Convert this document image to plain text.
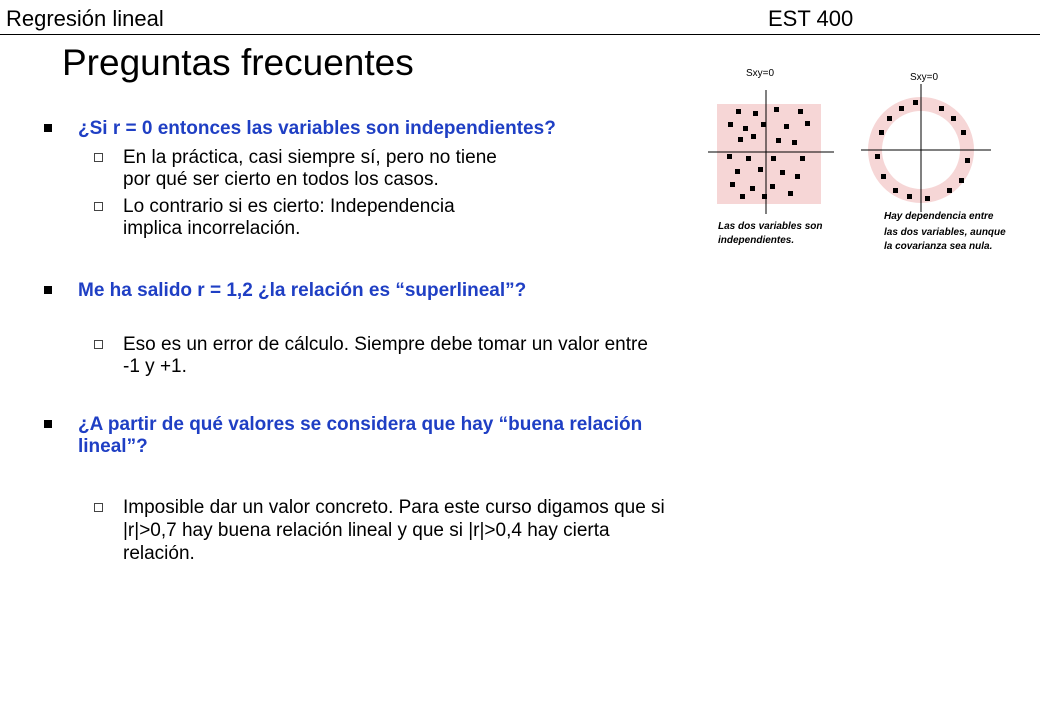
Regresión lineal	EST 400
Preguntas frecuentes
¿Si r = 0 entonces las variables son independientes?
En la práctica, casi siempre sí, pero no tiene
por qué ser cierto en todos los casos.
Lo contrario si es cierto: Independencia
implica incorrelación.
Me ha salido r = 1,2 ¿la relación es “superlineal”?
Eso es un error de cálculo. Siempre debe tomar un valor entre
-1 y +1.
¿A partir de qué valores se considera que hay “buena relación
lineal”?
Imposible dar un valor concreto. Para este curso digamos que si
|r|>0,7 hay buena relación lineal y que si |r|>0,4 hay cierta
relación.
Sxy=0
Las dos variables son
independientes.
Sxy=0
Hay dependencia entre
las dos variables, aunque
la covarianza sea nula.
